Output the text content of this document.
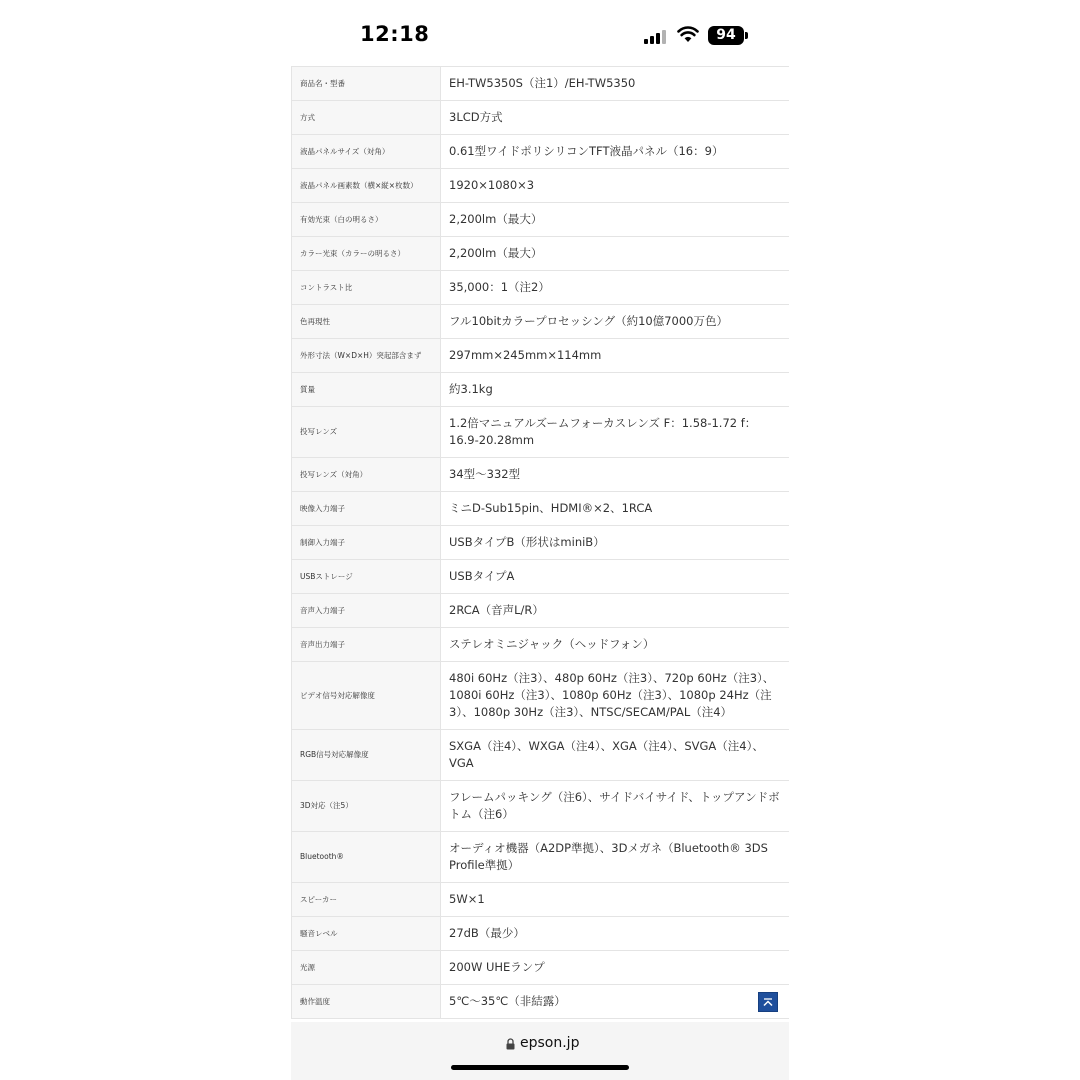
12:18	94
商品名・型番	EH-TW5350S（注1）/EH-TW5350
方式	3LCD方式
液晶パネルサイズ（対角）	0.61型ワイドポリシリコンTFT液晶パネル（16：9）
液晶パネル画素数（横×縦×枚数）	1920×1080×3
有効光束（白の明るさ）	2,200lm（最大）
カラー光束（カラーの明るさ）	2,200lm（最大）
コントラスト比	35,000：1（注2）
色再現性	フル10bitカラープロセッシング（約10億7000万色）
外形寸法（W×D×H）突起部含まず	297mm×245mm×114mm
質量	約3.1kg
投写レンズ	1.2倍マニュアルズームフォーカスレンズ F：1.58-1.72 f：16.9-20.28mm
投写レンズ（対角）	34型〜332型
映像入力端子	ミニD-Sub15pin、HDMI®×2、1RCA
制御入力端子	USBタイプB（形状はminiB）
USBストレージ	USBタイプA
音声入力端子	2RCA（音声L/R）
音声出力端子	ステレオミニジャック（ヘッドフォン）
ビデオ信号対応解像度	480i 60Hz（注3）、480p 60Hz（注3）、720p 60Hz（注3）、1080i 60Hz（注3）、1080p 60Hz（注3）、1080p 24Hz（注3）、1080p 30Hz（注3）、NTSC/SECAM/PAL（注4）
RGB信号対応解像度	SXGA（注4）、WXGA（注4）、XGA（注4）、SVGA（注4）、VGA
3D対応（注5）	フレームパッキング（注6）、サイドバイサイド、トップアンドボトム（注6）
Bluetooth®	オーディオ機器（A2DP準拠）、3Dメガネ（Bluetooth® 3DS Profile準拠）
スピーカー	5W×1
騒音レベル	27dB（最少）
光源	200W UHEランプ
動作温度	5℃〜35℃（非結露）
epson.jp
